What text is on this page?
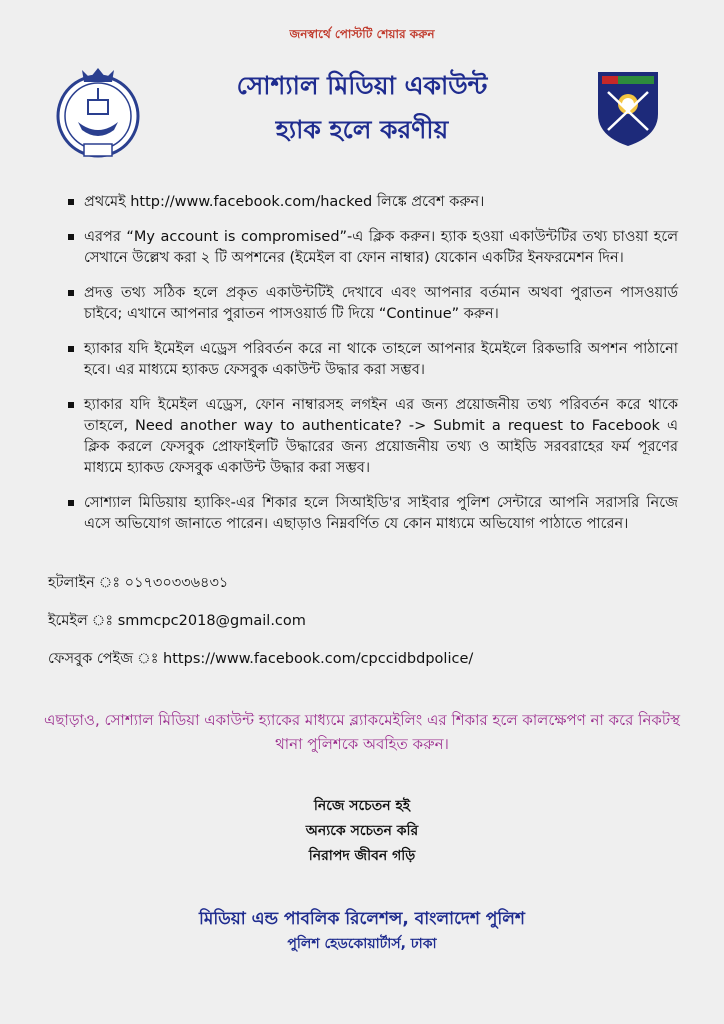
জনস্বার্থে পোস্টটি শেয়ার করুন
সোশ্যাল মিডিয়া একাউন্ট
হ্যাক হলে করণীয়
প্রথমেই http://www.facebook.com/hacked লিঙ্কে প্রবেশ করুন।
এরপর “My account is compromised”-এ ক্লিক করুন। হ্যাক হওয়া একাউন্টটির তথ্য চাওয়া হলে সেখানে উল্লেখ করা ২ টি অপশনের (ইমেইল বা ফোন নাম্বার) যেকোন একটির ইনফরমেশন দিন।
প্রদত্ত তথ্য সঠিক হলে প্রকৃত একাউন্টটিই দেখাবে এবং আপনার বর্তমান অথবা পুরাতন পাসওয়ার্ড চাইবে; এখানে আপনার পুরাতন পাসওয়ার্ড টি দিয়ে “Continue” করুন।
হ্যাকার যদি ইমেইল এড্রেস পরিবর্তন করে না থাকে তাহলে আপনার ইমেইলে রিকভারি অপশন পাঠানো হবে। এর মাধ্যমে হ্যাকড ফেসবুক একাউন্ট উদ্ধার করা সম্ভব।
হ্যাকার যদি ইমেইল এড্রেস, ফোন নাম্বারসহ লগইন এর জন্য প্রয়োজনীয় তথ্য পরিবর্তন করে থাকে তাহলে, Need another way to authenticate? -> Submit a request to Facebook এ ক্লিক করলে ফেসবুক প্রোফাইলটি উদ্ধারের জন্য প্রয়োজনীয় তথ্য ও আইডি সরবরাহের ফর্ম পূরণের মাধ্যমে হ্যাকড ফেসবুক একাউন্ট উদ্ধার করা সম্ভব।
সোশ্যাল মিডিয়ায় হ্যাকিং-এর শিকার হলে সিআইডি'র সাইবার পুলিশ সেন্টারে আপনি সরাসরি নিজে এসে অভিযোগ জানাতে পারেন। এছাড়াও নিম্নবর্ণিত যে কোন মাধ্যমে অভিযোগ পাঠাতে পারেন।
হটলাইন ঃ ০১৭৩০৩৩৬৪৩১
ইমেইল ঃ smmcpc2018@gmail.com
ফেসবুক পেইজ ঃ https://www.facebook.com/cpccidbdpolice/
এছাড়াও, সোশ্যাল মিডিয়া একাউন্ট হ্যাকের মাধ্যমে ব্ল্যাকমেইলিং এর শিকার হলে কালক্ষেপণ না করে নিকটস্থ থানা পুলিশকে অবহিত করুন।
নিজে সচেতন হই
অন্যকে সচেতন করি
নিরাপদ জীবন গড়ি
মিডিয়া এন্ড পাবলিক রিলেশন্স, বাংলাদেশ পুলিশ
পুলিশ হেডকোয়ার্টার্স, ঢাকা
